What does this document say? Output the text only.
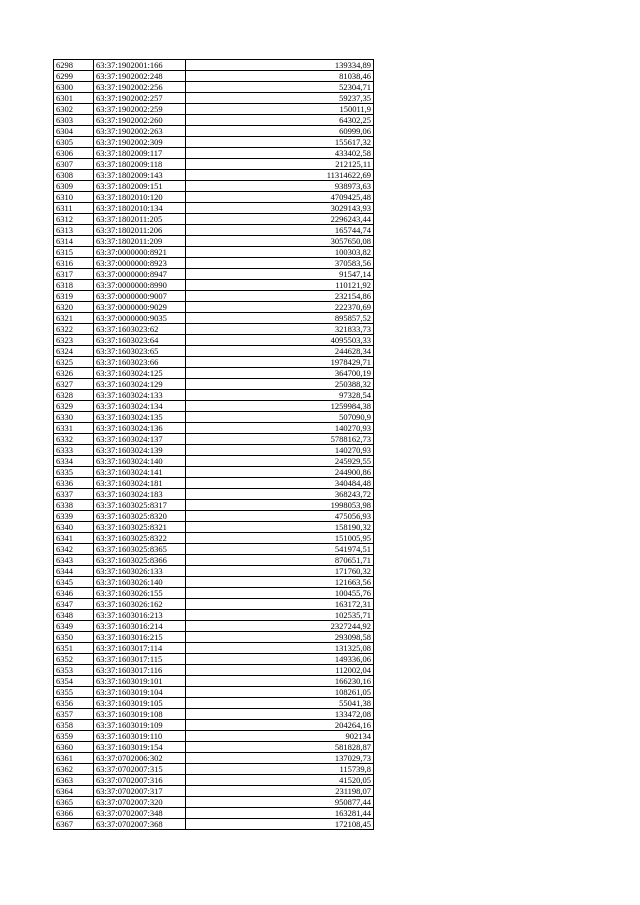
6298	63:37:1902001:166	139334,89
6299	63:37:1902002:248	81038,46
6300	63:37:1902002:256	52304,71
6301	63:37:1902002:257	59237,35
6302	63:37:1902002:259	150011,9
6303	63:37:1902002:260	64302,25
6304	63:37:1902002:263	60999,06
6305	63:37:1902002:309	155617,32
6306	63:37:1802009:117	433402,58
6307	63:37:1802009:118	212125,11
6308	63:37:1802009:143	11314622,69
6309	63:37:1802009:151	938973,63
6310	63:37:1802010:120	4709425,48
6311	63:37:1802010:134	3029143,93
6312	63:37:1802011:205	2296243,44
6313	63:37:1802011:206	165744,74
6314	63:37:1802011:209	3057650,08
6315	63:37:0000000:8921	100303,82
6316	63:37:0000000:8923	370583,56
6317	63:37:0000000:8947	91547,14
6318	63:37:0000000:8990	110121,92
6319	63:37:0000000:9007	232154,86
6320	63:37:0000000:9029	222370,69
6321	63:37:0000000:9035	895857,52
6322	63:37:1603023:62	321833,73
6323	63:37:1603023:64	4095503,33
6324	63:37:1603023:65	244628,34
6325	63:37:1603023:66	1978429,71
6326	63:37:1603024:125	364700,19
6327	63:37:1603024:129	250388,32
6328	63:37:1603024:133	97328,54
6329	63:37:1603024:134	1259984,38
6330	63:37:1603024:135	507090,9
6331	63:37:1603024:136	140270,93
6332	63:37:1603024:137	5788162,73
6333	63:37:1603024:139	140270,93
6334	63:37:1603024:140	245929,55
6335	63:37:1603024:141	244900,86
6336	63:37:1603024:181	340484,48
6337	63:37:1603024:183	368243,72
6338	63:37:1603025:8317	1998053,98
6339	63:37:1603025:8320	475056,93
6340	63:37:1603025:8321	158190,32
6341	63:37:1603025:8322	151005,95
6342	63:37:1603025:8365	541974,51
6343	63:37:1603025:8366	870651,71
6344	63:37:1603026:133	171760,32
6345	63:37:1603026:140	121663,56
6346	63:37:1603026:155	100455,76
6347	63:37:1603026:162	163172,31
6348	63:37:1603016:213	102535,71
6349	63:37:1603016:214	2327244,92
6350	63:37:1603016:215	293098,58
6351	63:37:1603017:114	131325,08
6352	63:37:1603017:115	149336,06
6353	63:37:1603017:116	112002,04
6354	63:37:1603019:101	166230,16
6355	63:37:1603019:104	108261,05
6356	63:37:1603019:105	55041,38
6357	63:37:1603019:108	133472,08
6358	63:37:1603019:109	204264,16
6359	63:37:1603019:110	902134
6360	63:37:1603019:154	581828,87
6361	63:37:0702006:302	137029,73
6362	63:37:0702007:315	115739,8
6363	63:37:0702007:316	41520,05
6364	63:37:0702007:317	231198,07
6365	63:37:0702007:320	950877,44
6366	63:37:0702007:348	163281,44
6367	63:37:0702007:368	172108,45
